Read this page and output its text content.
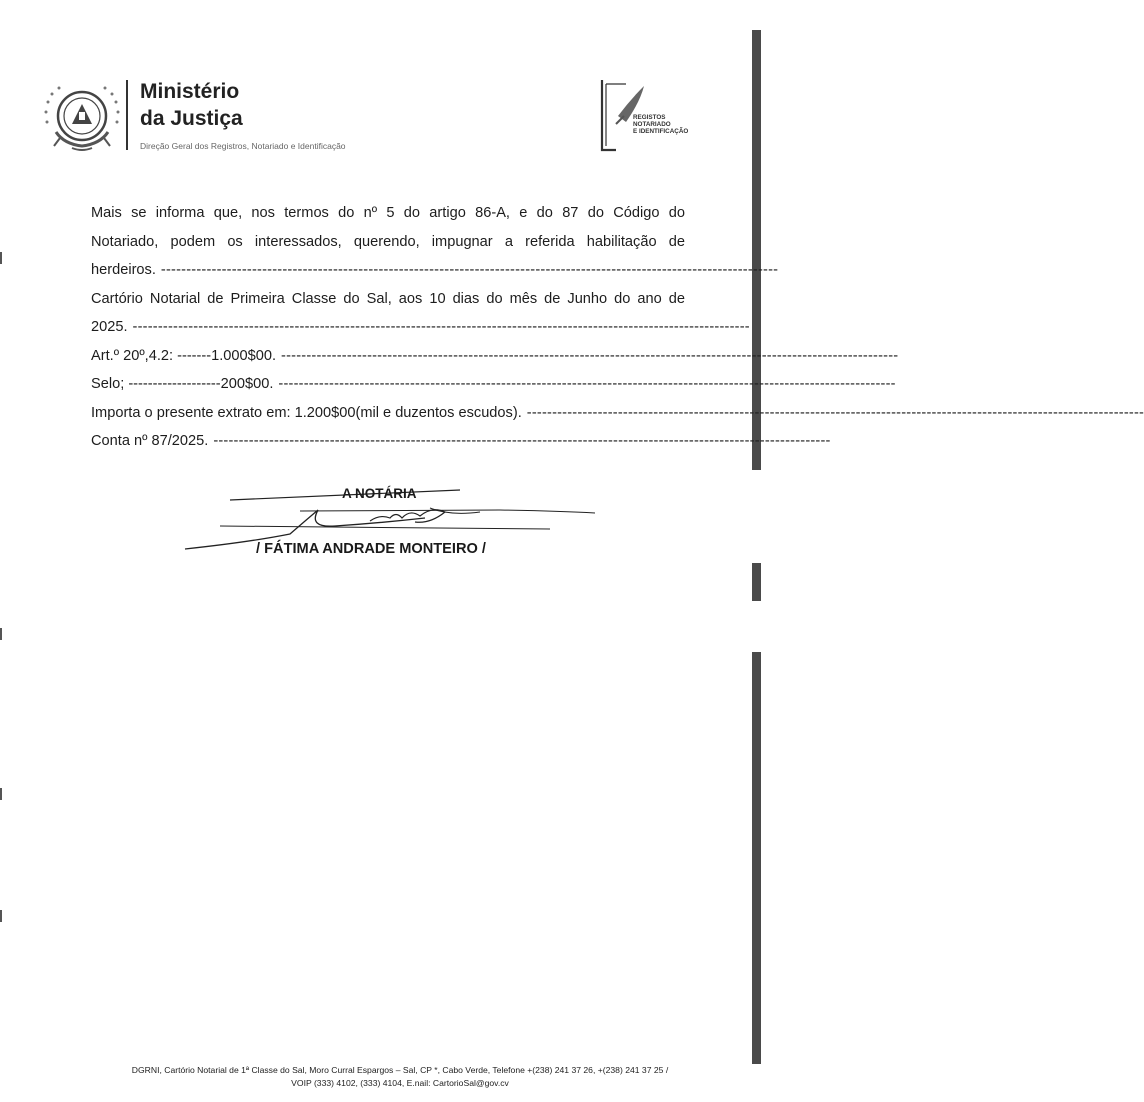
Ministério
da Justiça
Direção Geral dos Registros, Notariado e Identificação
REGISTOS
NOTARIADO
E IDENTIFICAÇÃO

Mais se informa que, nos termos do nº 5 do artigo 86-A, e do 87 do Código do

Notariado, podem os interessados, querendo, impugnar a referida habilitação de

herdeiros. --------------------------------------------------------------------------------------------------------------------------

Cartório Notarial de Primeira Classe do Sal, aos 10 dias do mês de Junho do ano de

2025. --------------------------------------------------------------------------------------------------------------------------

Art.º 20º,4.2: -------1.000$00. --------------------------------------------------------------------------------------------------------------------------

Selo; -------------------200$00. --------------------------------------------------------------------------------------------------------------------------

Importa o presente extrato em: 1.200$00(mil e duzentos escudos). --------------------------------------------------------------------------------------------------------------------------

Conta nº 87/2025. --------------------------------------------------------------------------------------------------------------------------

A NOTÁRIA
/ FÁTIMA ANDRADE MONTEIRO /
DGRNI, Cartório Notarial de 1ª Classe do Sal, Moro Curral Espargos – Sal, CP *, Cabo Verde, Telefone +(238) 241 37 26, +(238) 241 37 25 /
VOIP (333) 4102, (333) 4104, E.nail: CartorioSal@gov.cv
